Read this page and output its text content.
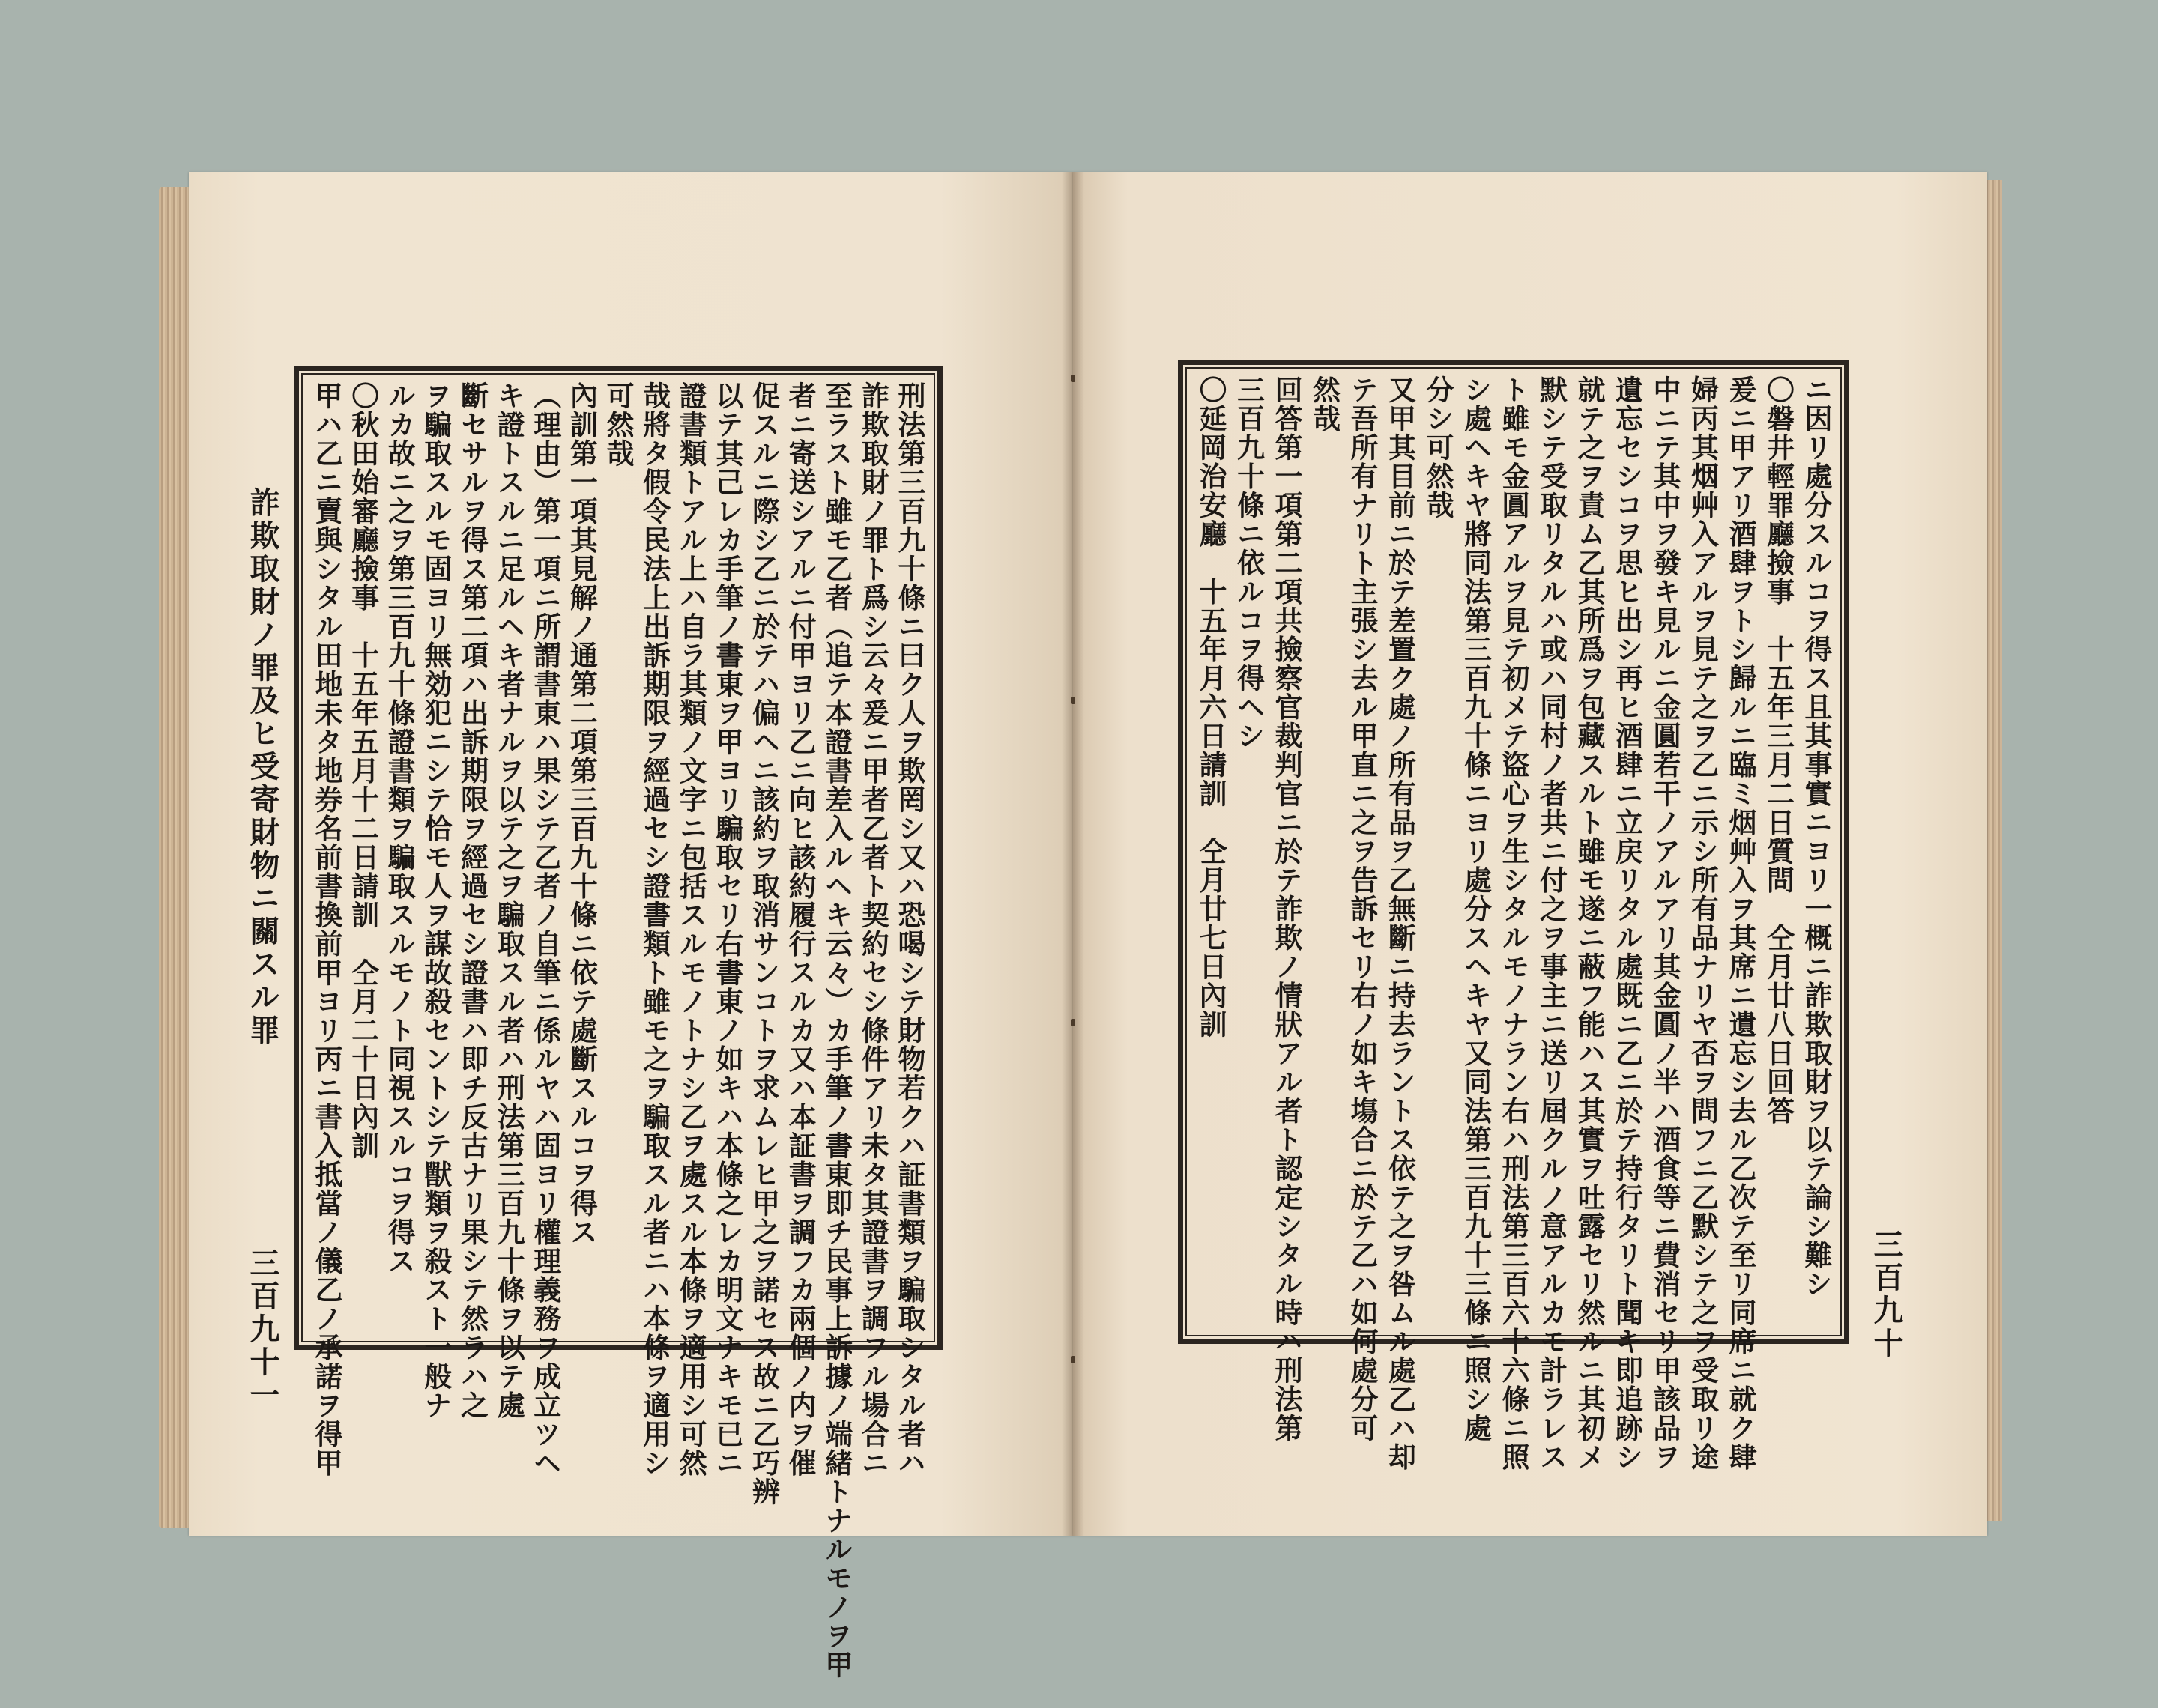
詐欺取財ノ罪及ヒ受寄財物ニ關スル罪
三百九十一	刑法第三百九十條ニ曰ク人ヲ欺罔シ又ハ恐喝シテ財物若クハ証書類ヲ騙取シタル者ハ
詐欺取財ノ罪ト爲シ云々爰ニ甲者乙者ト契約セシ條件アリ未タ其證書ヲ調フル場合ニ
至ラスト雖モ乙者（追テ本證書差入ルヘキ云々）カ手筆ノ書東即チ民事上訴據ノ端緒トナルモノヲ甲
者ニ寄送シアルニ付甲ヨリ乙ニ向ヒ該約履行スルカ又ハ本証書ヲ調フカ兩個ノ内ヲ催
促スルニ際シ乙ニ於テハ偏ヘニ該約ヲ取消サンコトヲ求ムレヒ甲之ヲ諾セス故ニ乙巧辨
以テ其己レカ手筆ノ書東ヲ甲ヨリ騙取セリ右書東ノ如キハ本條之レカ明文ナキモ已ニ
證書類トアル上ハ自ラ其類ノ文字ニ包括スルモノトナシ乙ヲ處スル本條ヲ適用シ可然
哉將タ假令民法上出訴期限ヲ經過セシ證書類ト雖モ之ヲ騙取スル者ニハ本條ヲ適用シ
可然哉
內訓第一項其見解ノ通第二項第三百九十條ニ依テ處斷スルコヲ得ス
（理由）第一項ニ所謂書東ハ果シテ乙者ノ自筆ニ係ルヤハ固ヨリ權理義務ヲ成立ツヘ
キ證トスルニ足ルヘキ者ナルヲ以テ之ヲ騙取スル者ハ刑法第三百九十條ヲ以テ處
斷セサルヲ得ス第二項ハ出訴期限ヲ經過セシ證書ハ即チ反古ナリ果シテ然ラハ之
ヲ騙取スルモ固ヨリ無効犯ニシテ恰モ人ヲ謀故殺セントシテ獸類ヲ殺スト一般ナ
ルカ故ニ之ヲ第三百九十條證書類ヲ騙取スルモノト同視スルコヲ得ス
〇秋田始審廳撿事　十五年五月十二日請訓　仝月二十日內訓
甲ハ乙ニ賣與シタル田地未タ地券名前書換前甲ヨリ丙ニ書入抵當ノ儀乙ノ承諾ヲ得甲	ニ因リ處分スルコヲ得ス且其事實ニヨリ一概ニ詐欺取財ヲ以テ論シ難シ
〇磐井輕罪廳撿事　十五年三月二日質問　仝月廿八日回答
爰ニ甲アリ酒肆ヲトシ歸ルニ臨ミ烟艸入ヲ其席ニ遺忘シ去ル乙次テ至リ同席ニ就ク肆
婦丙其烟艸入アルヲ見テ之ヲ乙ニ示シ所有品ナリヤ否ヲ問フニ乙默シテ之ヲ受取リ途
中ニテ其中ヲ發キ見ルニ金圓若干ノアルアリ其金圓ノ半ハ酒食等ニ費消セリ甲該品ヲ
遺忘セシコヲ思ヒ出シ再ヒ酒肆ニ立戻リタル處既ニ乙ニ於テ持行タリト聞キ即追跡シ
就テ之ヲ責ム乙其所爲ヲ包藏スルト雖モ遂ニ蔽フ能ハス其實ヲ吐露セリ然ルニ其初メ
默シテ受取リタルハ或ハ同村ノ者共ニ付之ヲ事主ニ送リ屆クルノ意アルカモ計ラレス
ト雖モ金圓アルヲ見テ初メテ盜心ヲ生シタルモノナラン右ハ刑法第三百六十六條ニ照
シ處ヘキヤ將同法第三百九十條ニヨリ處分スヘキヤ又同法第三百九十三條ニ照シ處
分シ可然哉
又甲其目前ニ於テ差置ク處ノ所有品ヲ乙無斷ニ持去ラントス依テ之ヲ咎ムル處乙ハ却
テ吾所有ナリト主張シ去ル甲直ニ之ヲ告訴セリ右ノ如キ塲合ニ於テ乙ハ如何處分可
然哉
回答第一項第二項共撿察官裁判官ニ於テ詐欺ノ情狀アル者ト認定シタル時ハ刑法第
三百九十條ニ依ルコヲ得ヘシ
〇延岡治安廳　十五年月六日請訓　仝月廿七日內訓
三百九十
